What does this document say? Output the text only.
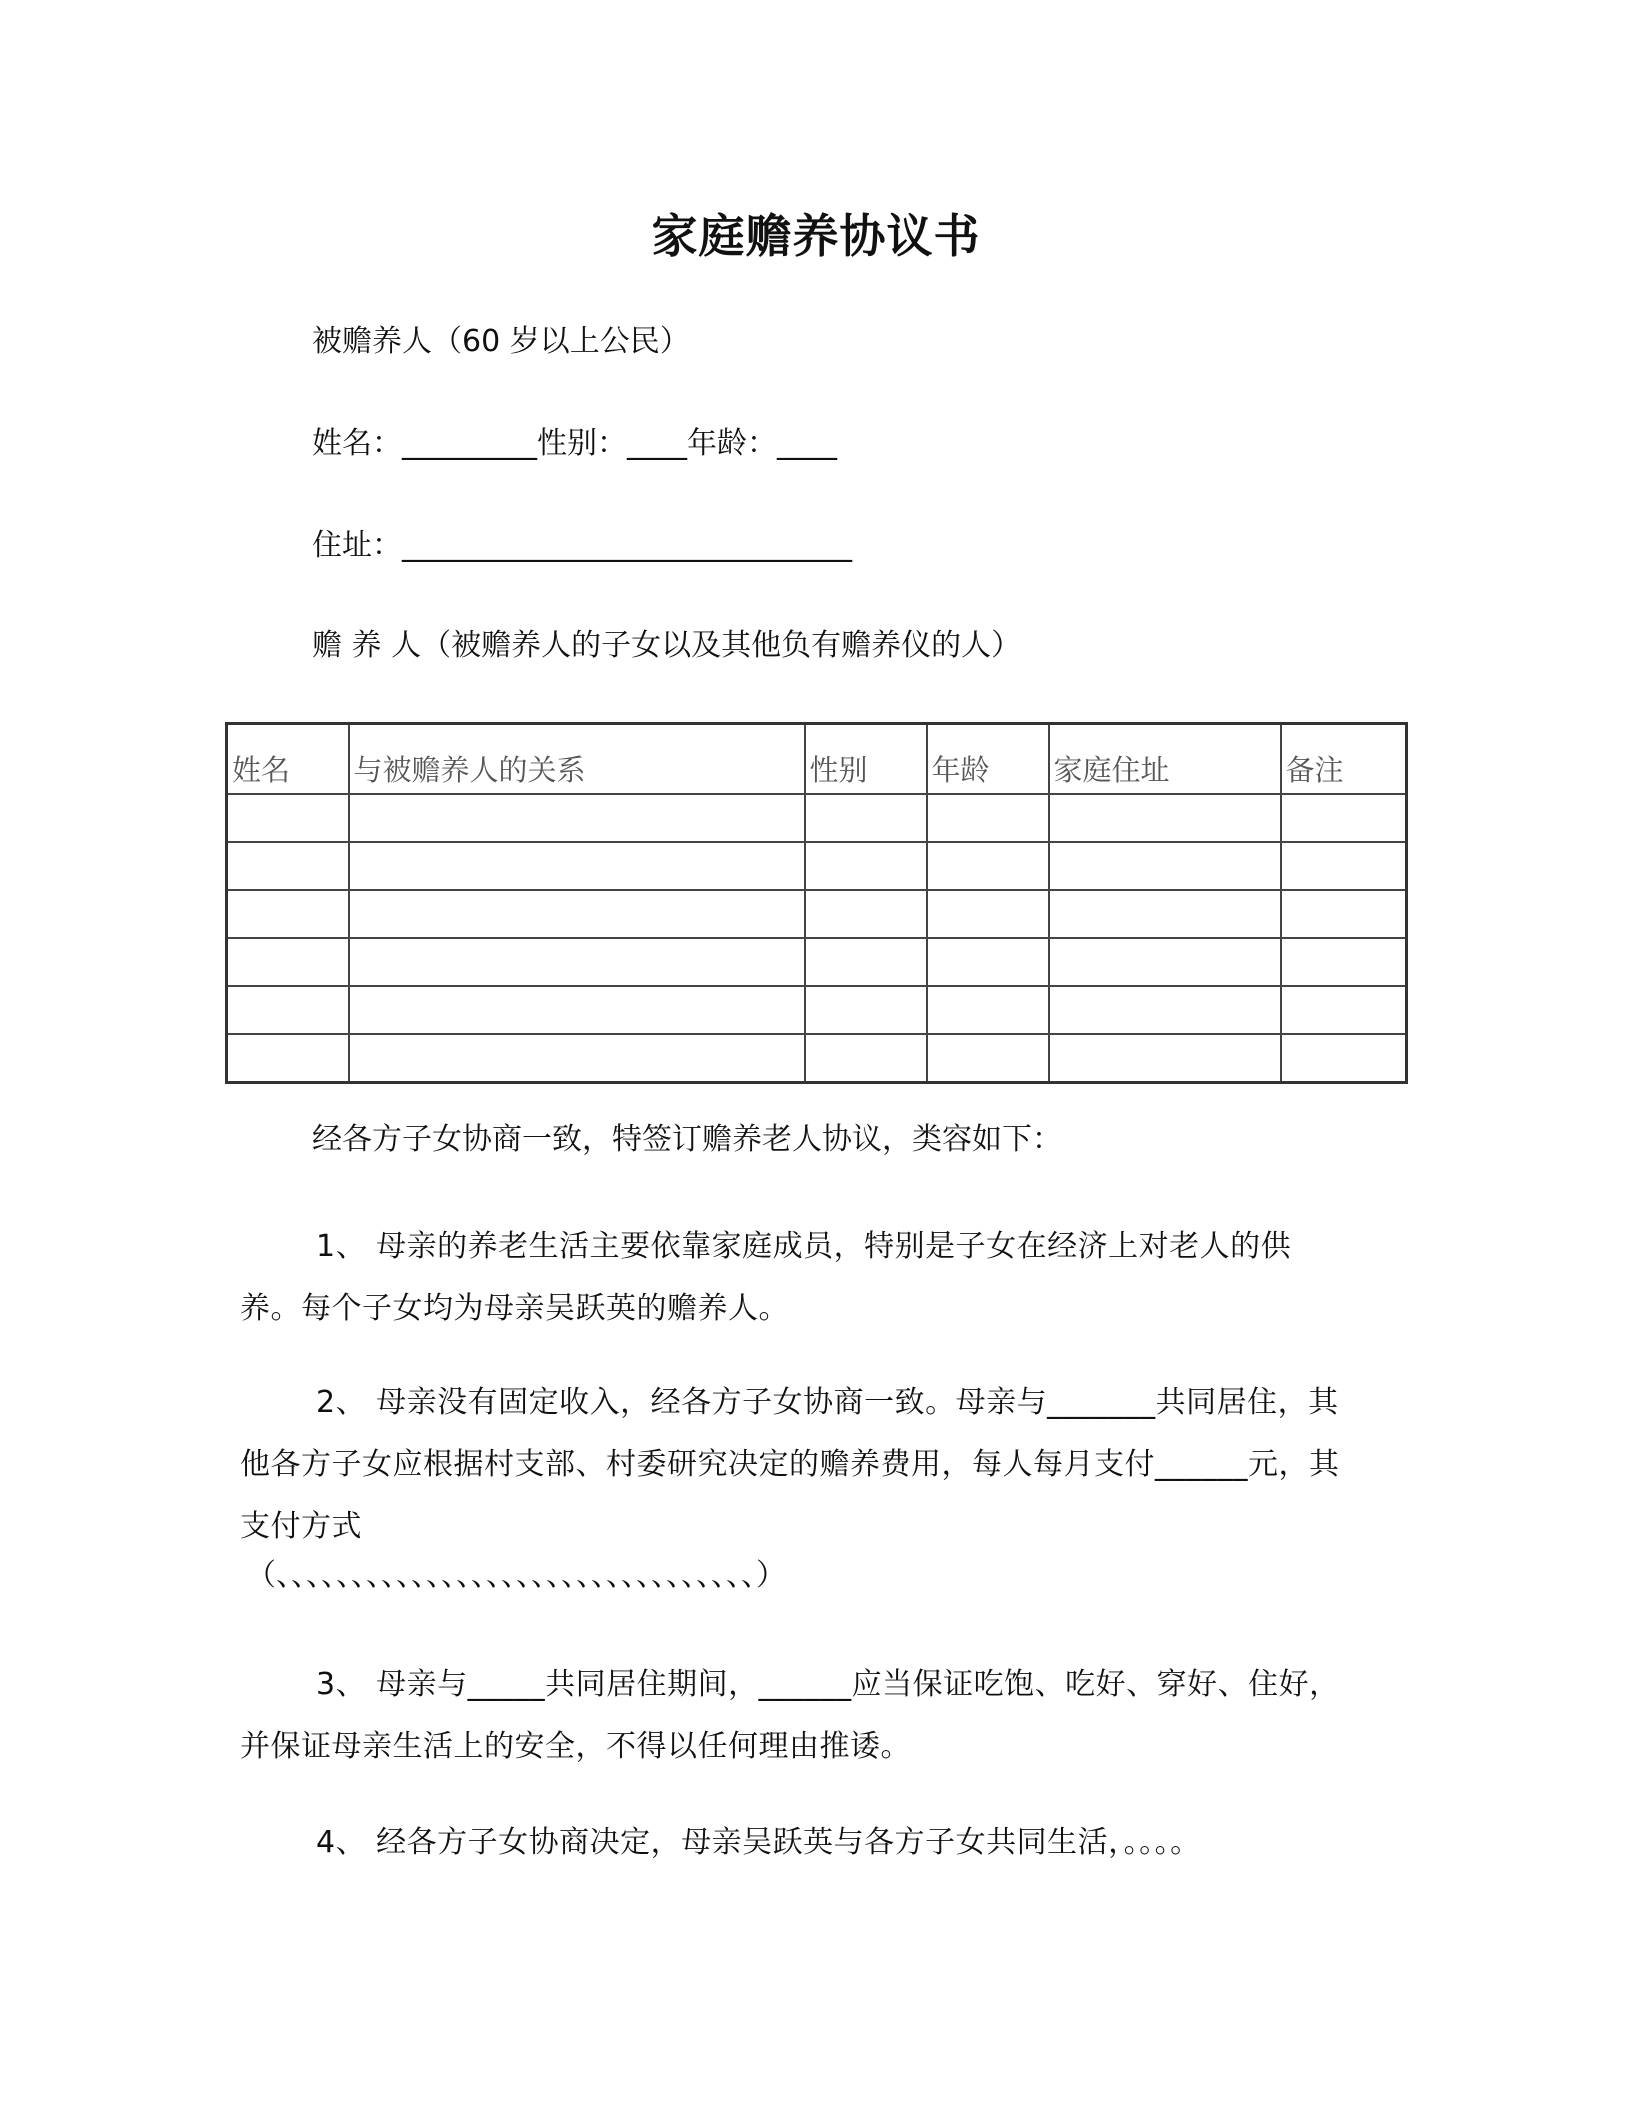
家庭赡养协议书
被赡养人（60 岁以上公民）
姓名：_________性别：____年龄：____
住址：______________________________
赡 养 人（被赡养人的子女以及其他负有赡养仪的人）
姓名	与被赡养人的关系	性别	年龄	家庭住址	备注

经各方子女协商一致，特签订赡养老人协议，类容如下：
1、 母亲的养老生活主要依靠家庭成员，特别是子女在经济上对老人的供养。每个子女均为母亲吴跃英的赡养人。
2、 母亲没有固定收入，经各方子女协商一致。母亲与_______共同居住，其他各方子女应根据村支部、村委研究决定的赡养费用，每人每月支付______元，其支付方式
（、、、、、、、、、、、、、、、、、、、、、、、、、、、、、、、、）
3、 母亲与_____共同居住期间，______应当保证吃饱、吃好、穿好、住好，并保证母亲生活上的安全，不得以任何理由推诿。
4、 经各方子女协商决定，母亲吴跃英与各方子女共同生活，。。。。
